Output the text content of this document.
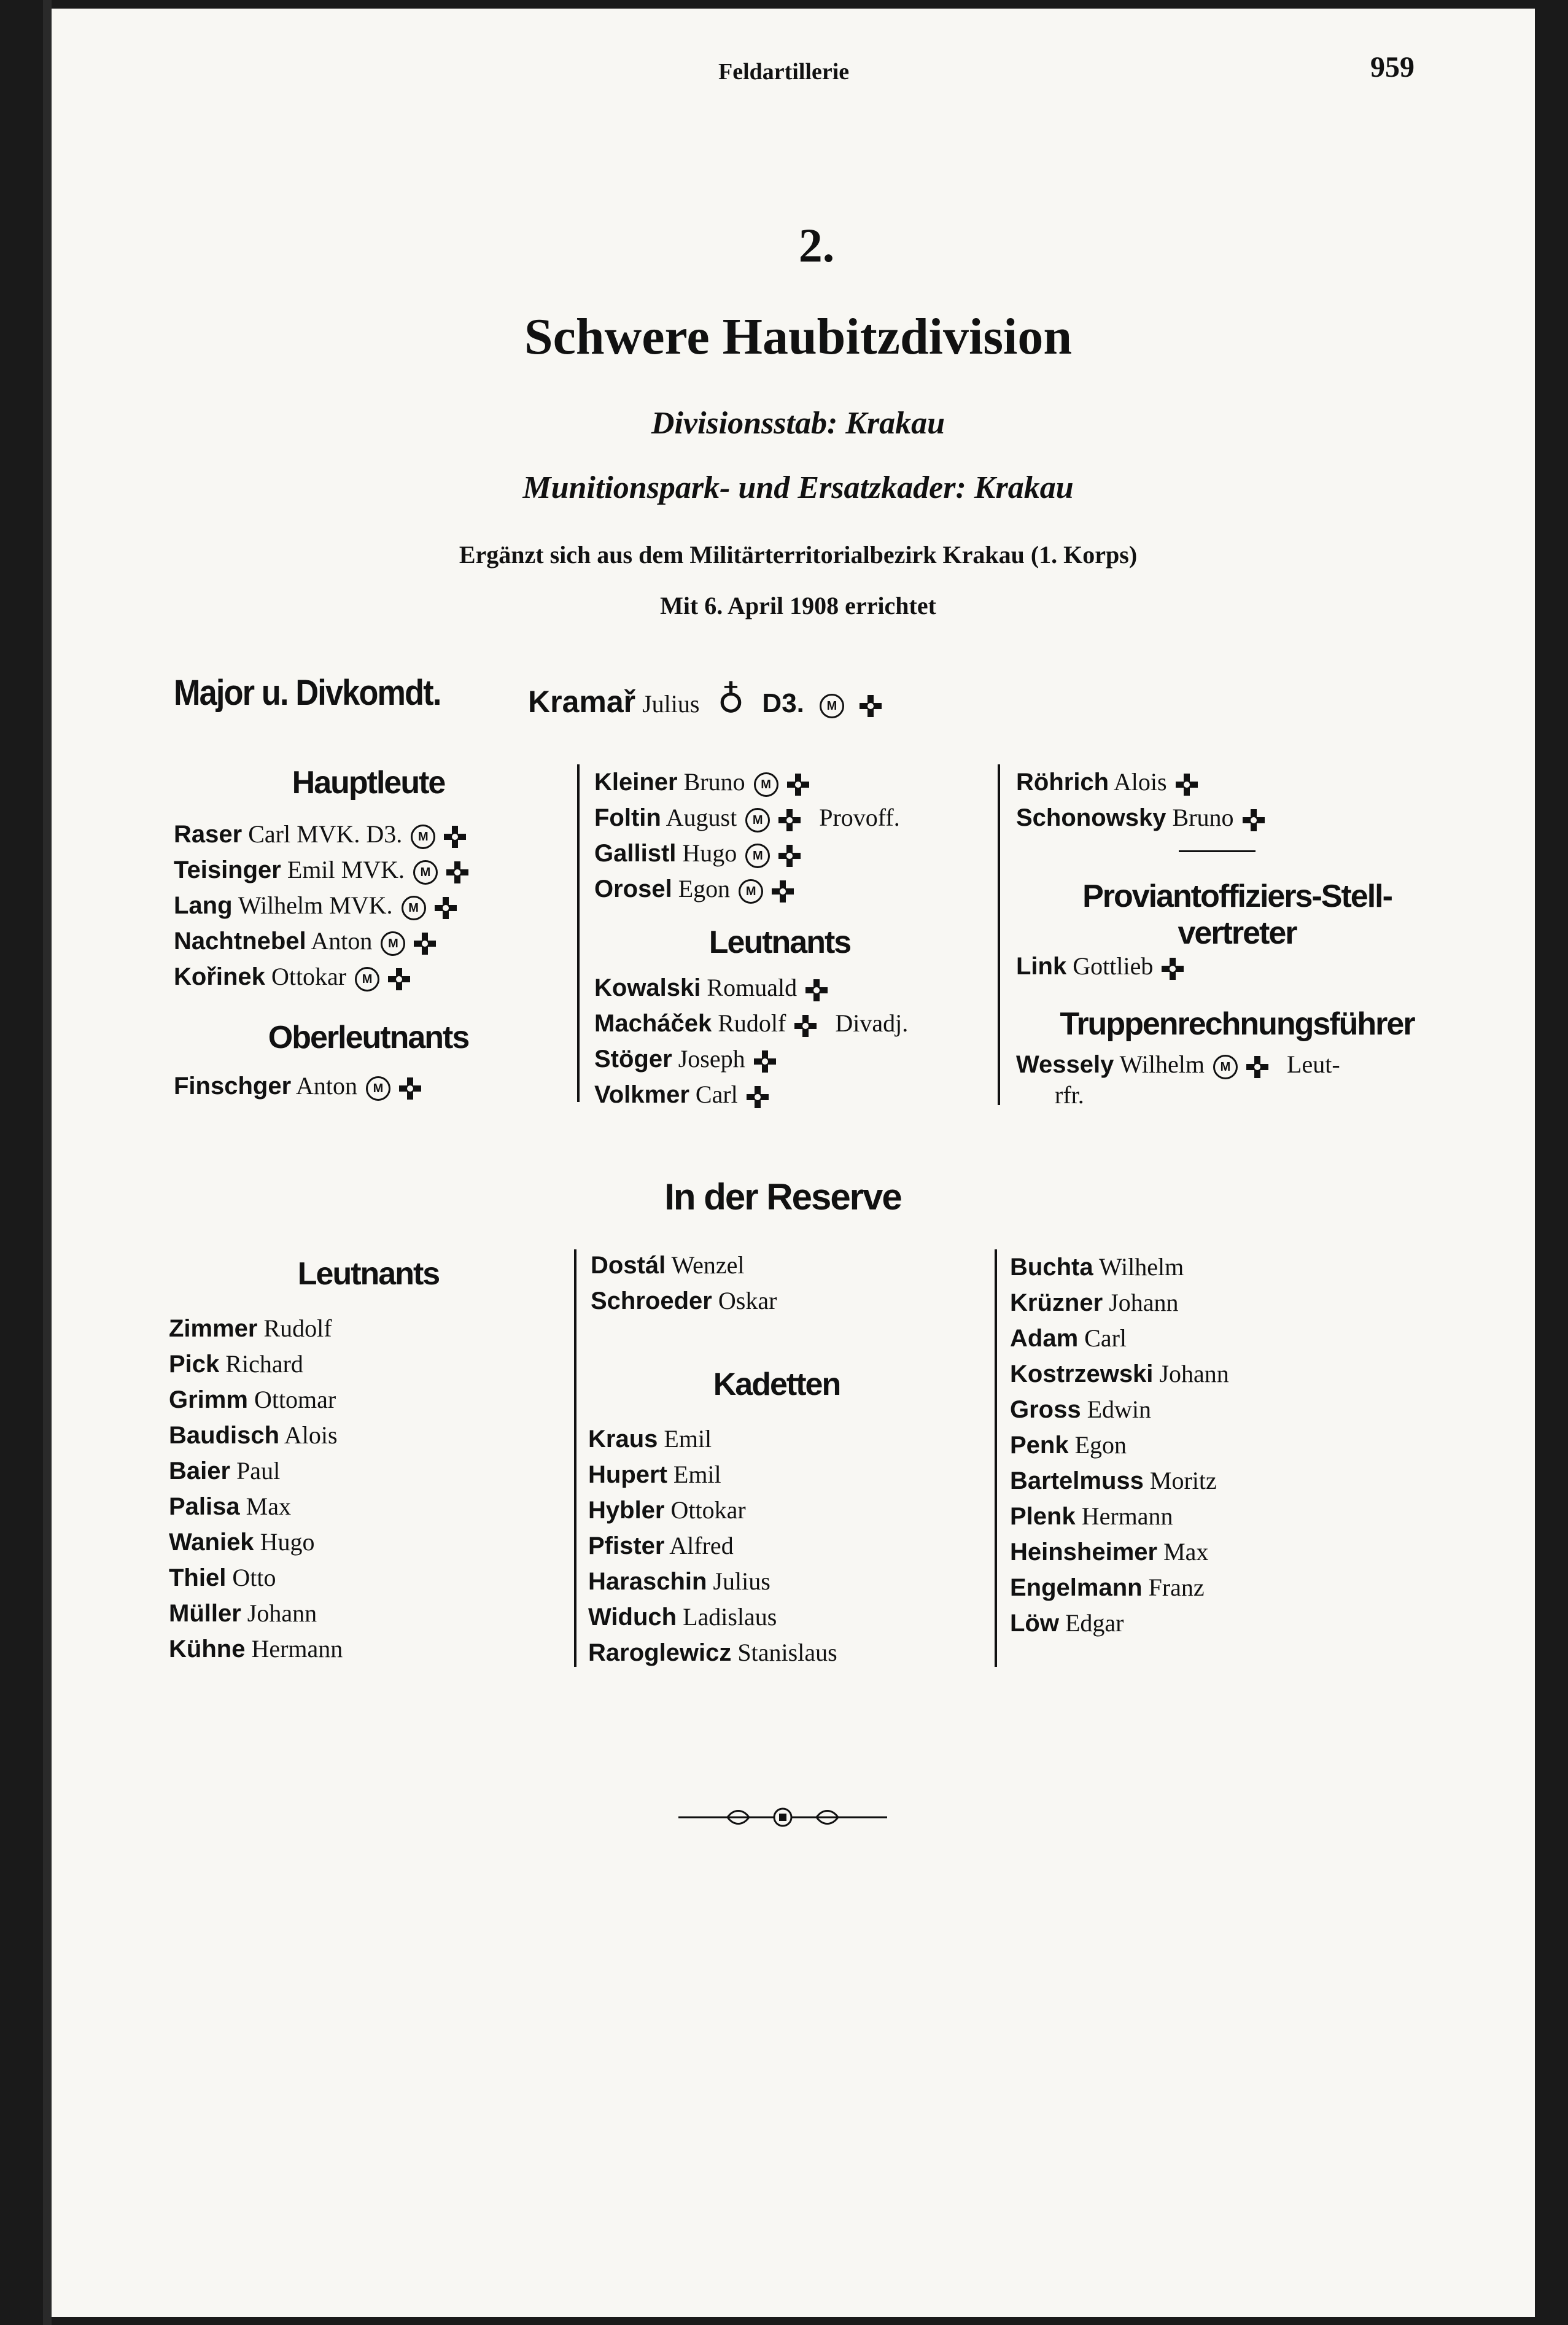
Feldartillerie	959
2.
Schwere Haubitzdivision
Divisionsstab: Krakau
Munitionspark- und Ersatzkader: Krakau
Ergänzt sich aus dem Militärterritorialbezirk Krakau (1. Korps)
Mit 6. April 1908 errichtet
Major u. Divkomdt.	Kramař Julius ♁ D3. M
Hauptleute
Raser Carl MVK. D3. M
Teisinger Emil MVK. M
Lang Wilhelm MVK. M
Nachtnebel Anton M
Kořinek Ottokar M
Oberleutnants
Finschger Anton M
Kleiner Bruno M
Foltin August M Provoff.
Gallistl Hugo M
Orosel Egon M
Leutnants
Kowalski Romuald
Macháček Rudolf Divadj.
Stöger Joseph
Volkmer Carl
Röhrich Alois
Schonowsky Bruno
Proviantoffiziers-Stell-
vertreter
Link Gottlieb
Truppenrechnungsführer
Wessely Wilhelm M Leut-
rfr.
In der Reserve
Leutnants
Zimmer Rudolf
Pick Richard
Grimm Ottomar
Baudisch Alois
Baier Paul
Palisa Max
Waniek Hugo
Thiel Otto
Müller Johann
Kühne Hermann
Dostál Wenzel
Schroeder Oskar
Kadetten
Kraus Emil
Hupert Emil
Hybler Ottokar
Pfister Alfred
Haraschin Julius
Widuch Ladislaus
Raroglewicz Stanislaus
Buchta Wilhelm
Krüzner Johann
Adam Carl
Kostrzewski Johann
Gross Edwin
Penk Egon
Bartelmuss Moritz
Plenk Hermann
Heinsheimer Max
Engelmann Franz
Löw Edgar
